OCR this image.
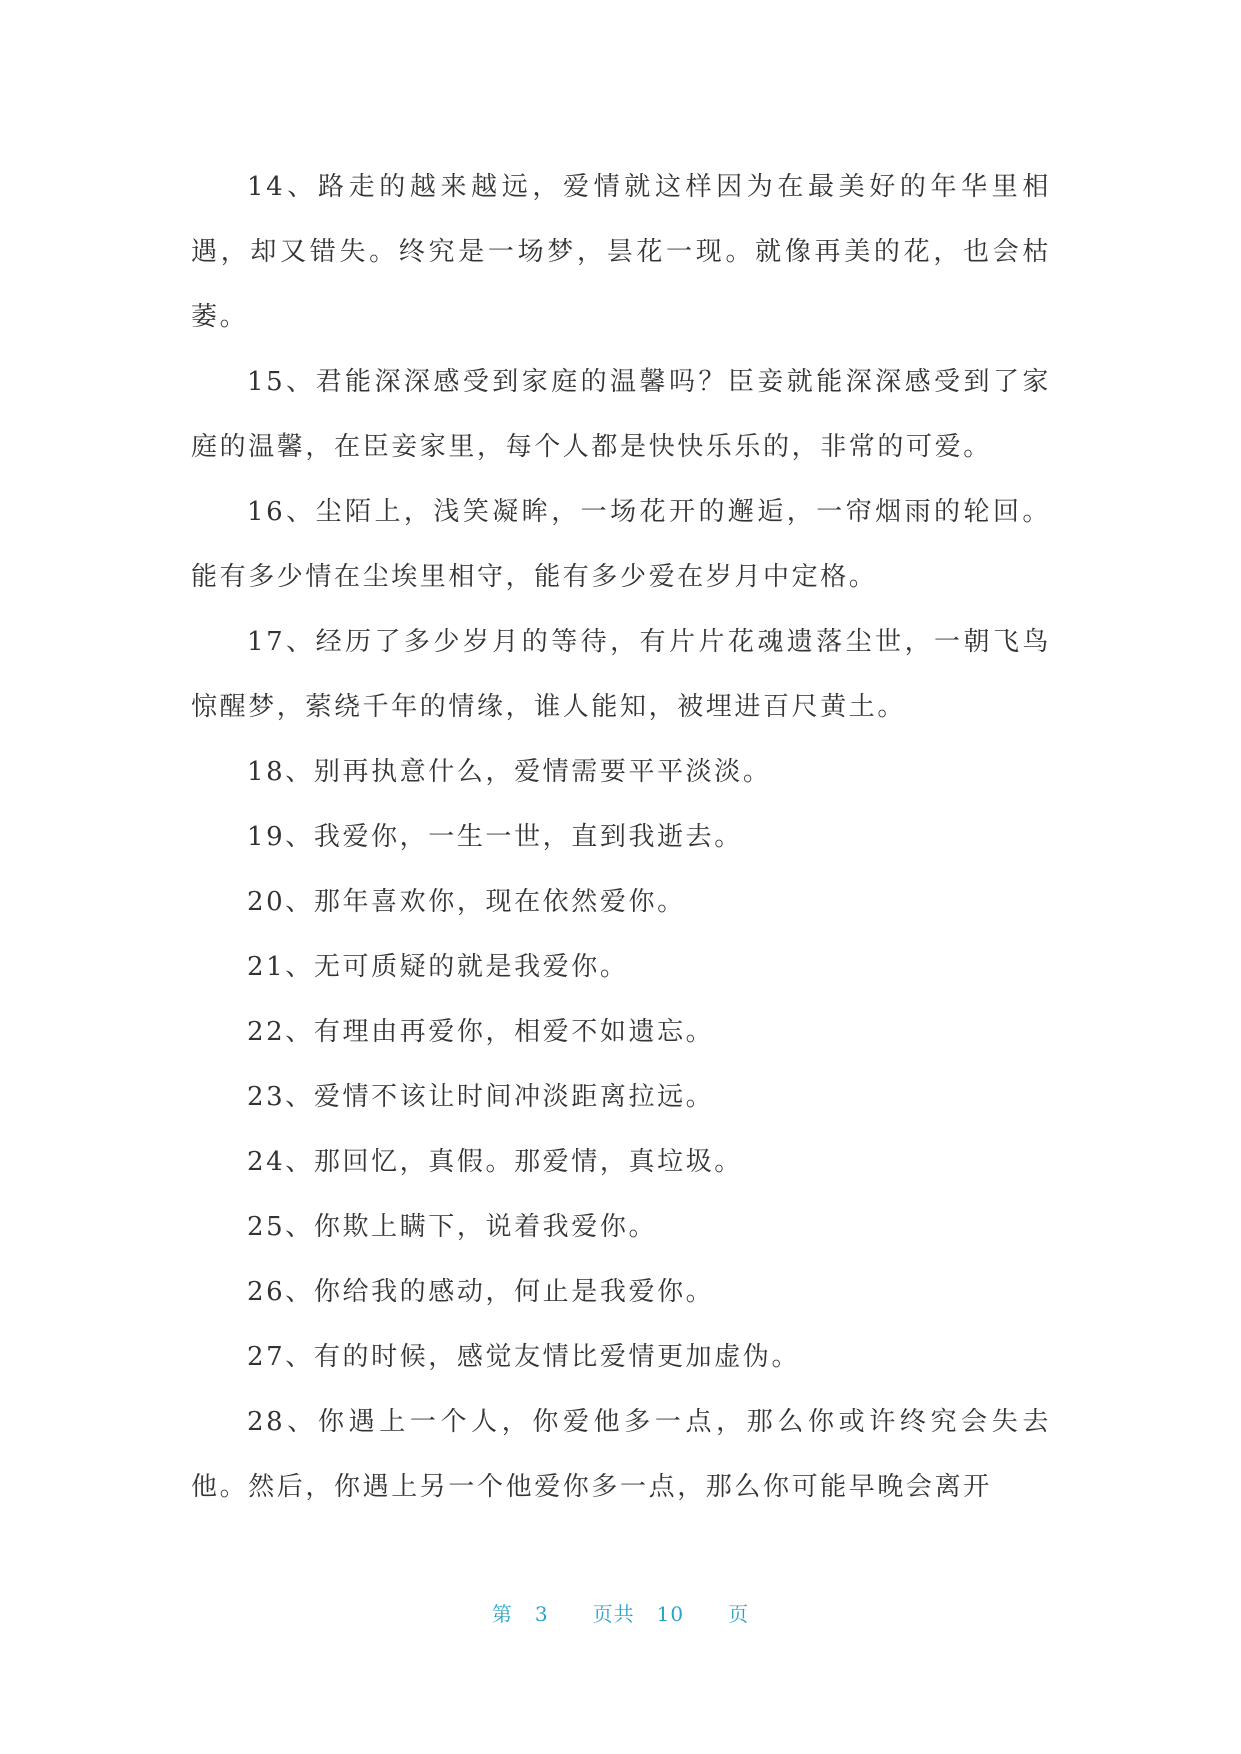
14、路走的越来越远，爱情就这样因为在最美好的年华里相遇，却又错失。终究是一场梦，昙花一现。就像再美的花，也会枯萎。

15、君能深深感受到家庭的温馨吗？臣妾就能深深感受到了家庭的温馨，在臣妾家里，每个人都是快快乐乐的，非常的可爱。

16、尘陌上，浅笑凝眸，一场花开的邂逅，一帘烟雨的轮回。能有多少情在尘埃里相守，能有多少爱在岁月中定格。

17、经历了多少岁月的等待，有片片花魂遗落尘世，一朝飞鸟惊醒梦，萦绕千年的情缘，谁人能知，被埋进百尺黄土。

18、别再执意什么，爱情需要平平淡淡。

19、我爱你，一生一世，直到我逝去。

20、那年喜欢你，现在依然爱你。

21、无可质疑的就是我爱你。

22、有理由再爱你，相爱不如遗忘。

23、爱情不该让时间冲淡距离拉远。

24、那回忆，真假。那爱情，真垃圾。

25、你欺上瞒下，说着我爱你。

26、你给我的感动，何止是我爱你。

27、有的时候，感觉友情比爱情更加虚伪。

28、你遇上一个人，你爱他多一点，那么你或许终究会失去他。然后，你遇上另一个他爱你多一点，那么你可能早晚会离开

第 3 页共 10 页
